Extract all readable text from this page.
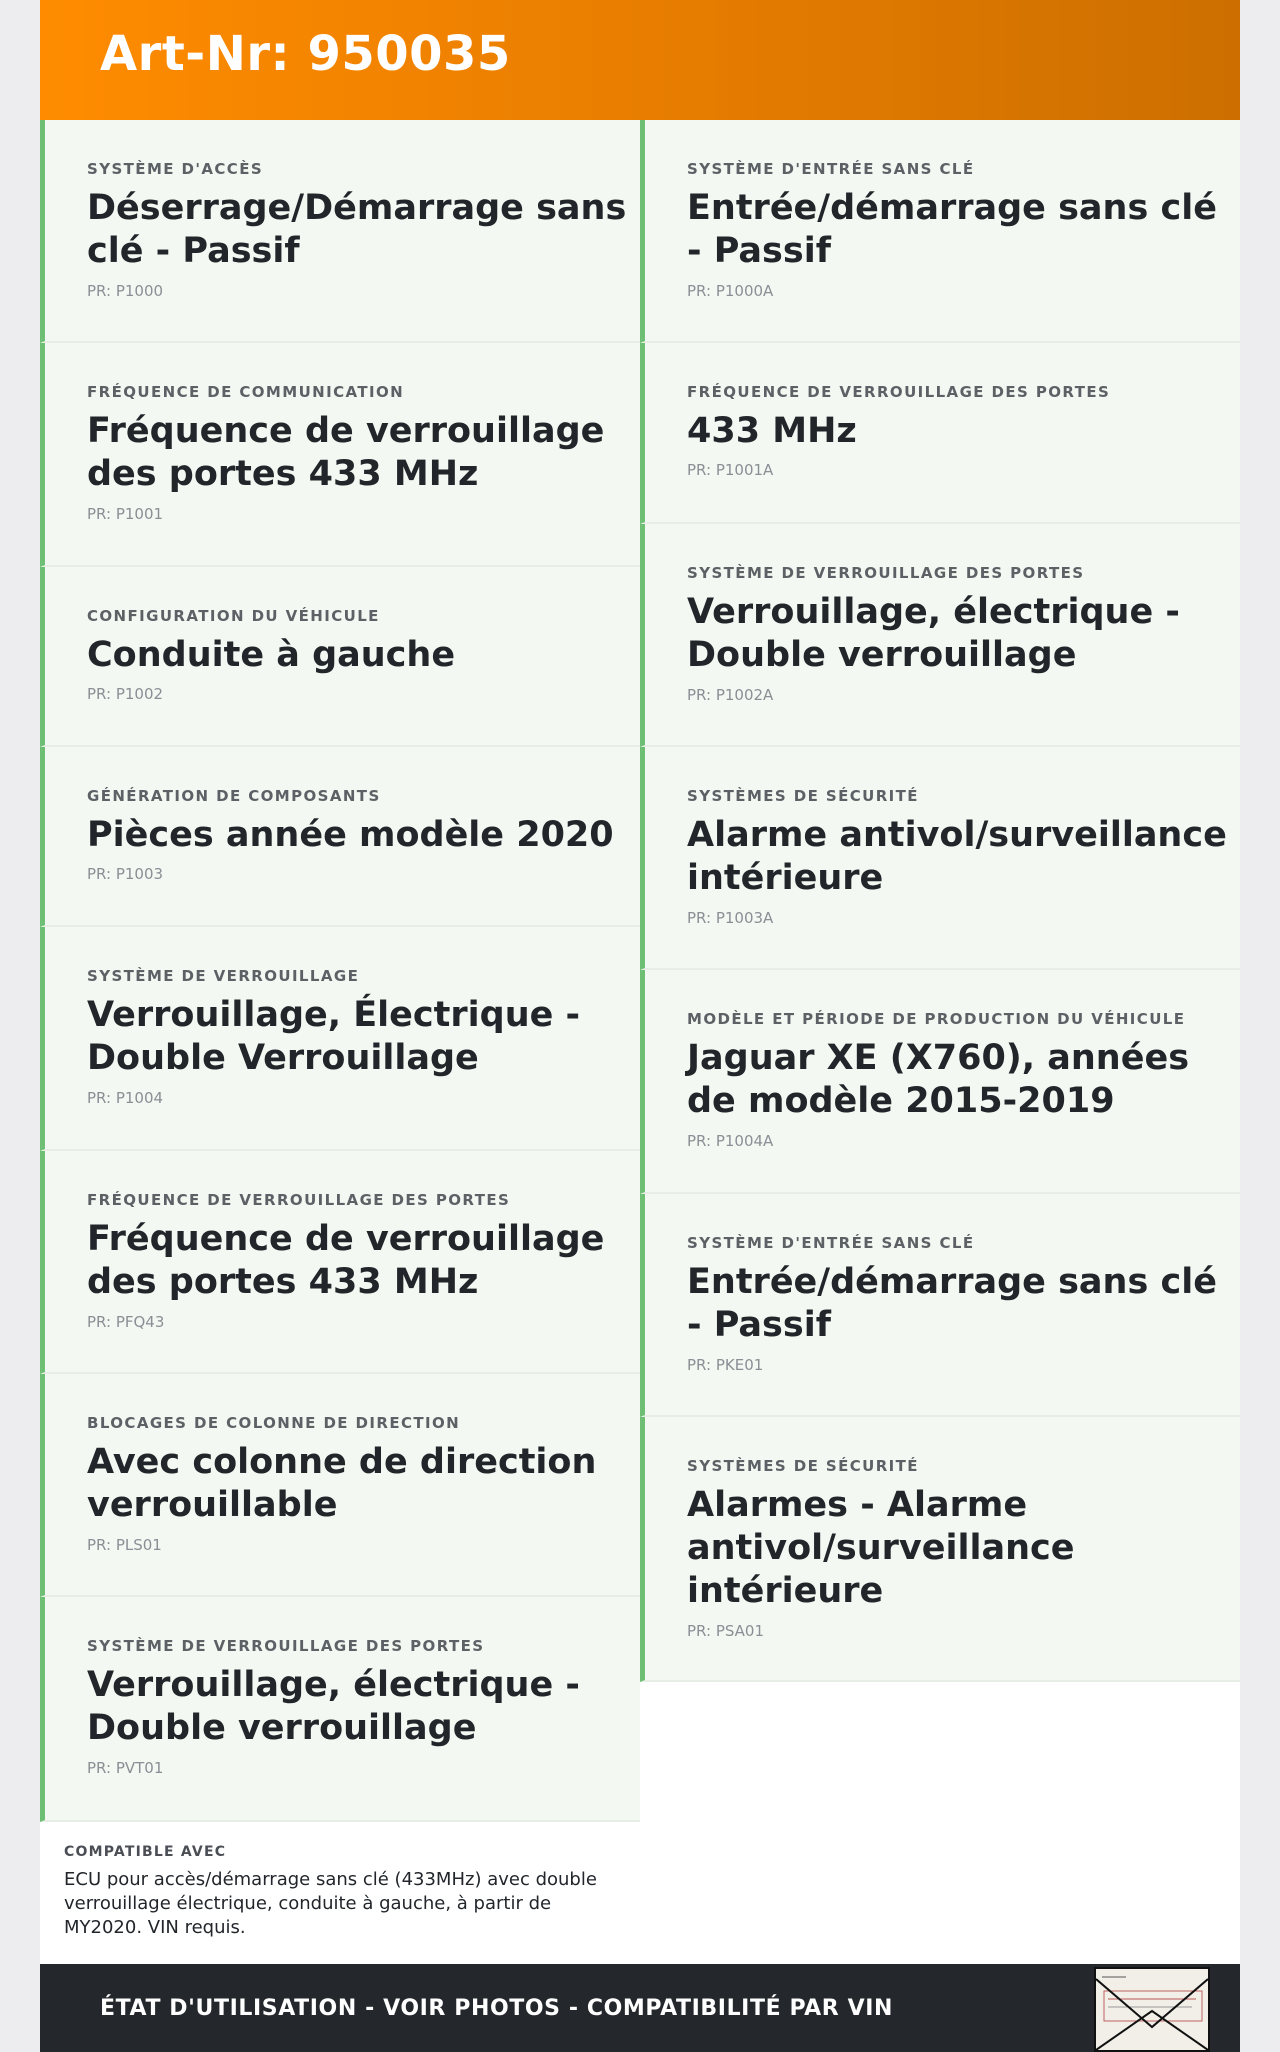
Art-Nr: 950035
SYSTÈME D'ACCÈS
Déserrage/Démarrage sans clé - Passif
PR: P1000
FRÉQUENCE DE COMMUNICATION
Fréquence de verrouillage des portes 433 MHz
PR: P1001
CONFIGURATION DU VÉHICULE
Conduite à gauche
PR: P1002
GÉNÉRATION DE COMPOSANTS
Pièces année modèle 2020
PR: P1003
SYSTÈME DE VERROUILLAGE
Verrouillage, Électrique - Double Verrouillage
PR: P1004
FRÉQUENCE DE VERROUILLAGE DES PORTES
Fréquence de verrouillage des portes 433 MHz
PR: PFQ43
BLOCAGES DE COLONNE DE DIRECTION
Avec colonne de direction verrouillable
PR: PLS01
SYSTÈME DE VERROUILLAGE DES PORTES
Verrouillage, électrique - Double verrouillage
PR: PVT01
SYSTÈME D'ENTRÉE SANS CLÉ
Entrée/démarrage sans clé - Passif
PR: P1000A
FRÉQUENCE DE VERROUILLAGE DES PORTES
433 MHz
PR: P1001A
SYSTÈME DE VERROUILLAGE DES PORTES
Verrouillage, électrique - Double verrouillage
PR: P1002A
SYSTÈMES DE SÉCURITÉ
Alarme antivol/surveillance intérieure
PR: P1003A
MODÈLE ET PÉRIODE DE PRODUCTION DU VÉHICULE
Jaguar XE (X760), années de modèle 2015-2019
PR: P1004A
SYSTÈME D'ENTRÉE SANS CLÉ
Entrée/démarrage sans clé - Passif
PR: PKE01
SYSTÈMES DE SÉCURITÉ
Alarmes - Alarme antivol/surveillance intérieure
PR: PSA01
COMPATIBLE AVEC
ECU pour accès/démarrage sans clé (433MHz) avec double verrouillage électrique, conduite à gauche, à partir de MY2020. VIN requis.
ÉTAT D'UTILISATION - VOIR PHOTOS - COMPATIBILITÉ PAR VIN
